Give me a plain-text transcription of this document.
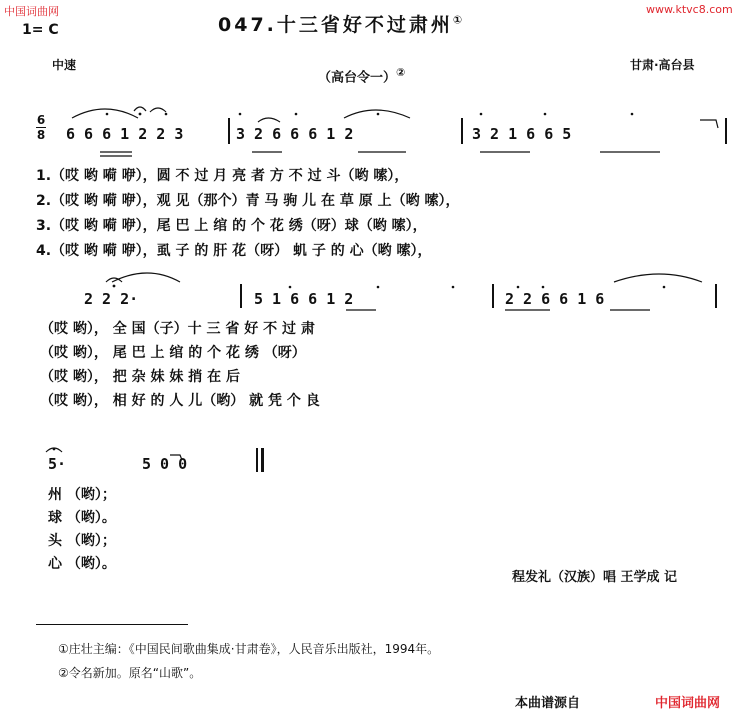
中国词曲网	www.ktvc8.com
本曲谱源自	中国词曲网
1= C	047.十三省好不过肃州①
中速
（高台令一）②
甘肃·高台县
6
8 6 6 6 1 2 2 3	3 2 6 6 6 1 2	3 2 1 6 6 5
1.（哎 哟 嗬 咿），圆 不 过 月 亮 者 方 不 过 斗（哟 嗦），
2.（哎 哟 嗬 咿），观 见（那个）青 马 驹 儿 在 草 原 上（哟 嗦），
3.（哎 哟 嗬 咿），尾 巴 上 绾 的 个 花 绣（呀）球（哟 嗦），
4.（哎 哟 嗬 咿），虱 子 的 肝 花（呀） 虮 子 的 心（哟 嗦），
2 2 2·	5 1 6 6 1 2	2 2 6 6 1 6
（哎 哟）， 全 国（子）十 三 省 好 不 过 肃
（哎 哟）， 尾 巴 上 绾 的 个 花 绣 （呀）
（哎 哟）， 把 杂 妹 妹 捎 在 后
（哎 哟）， 相 好 的 人 儿（哟） 就 凭 个 良
5·	5 0 0
州 （哟）；
球 （哟）。
头 （哟）；
心 （哟）。
程发礼（汉族）唱 王学成 记
①庄壮主编：《中国民间歌曲集成·甘肃卷》，人民音乐出版社，1994年。
②令名新加。原名“山歌”。
